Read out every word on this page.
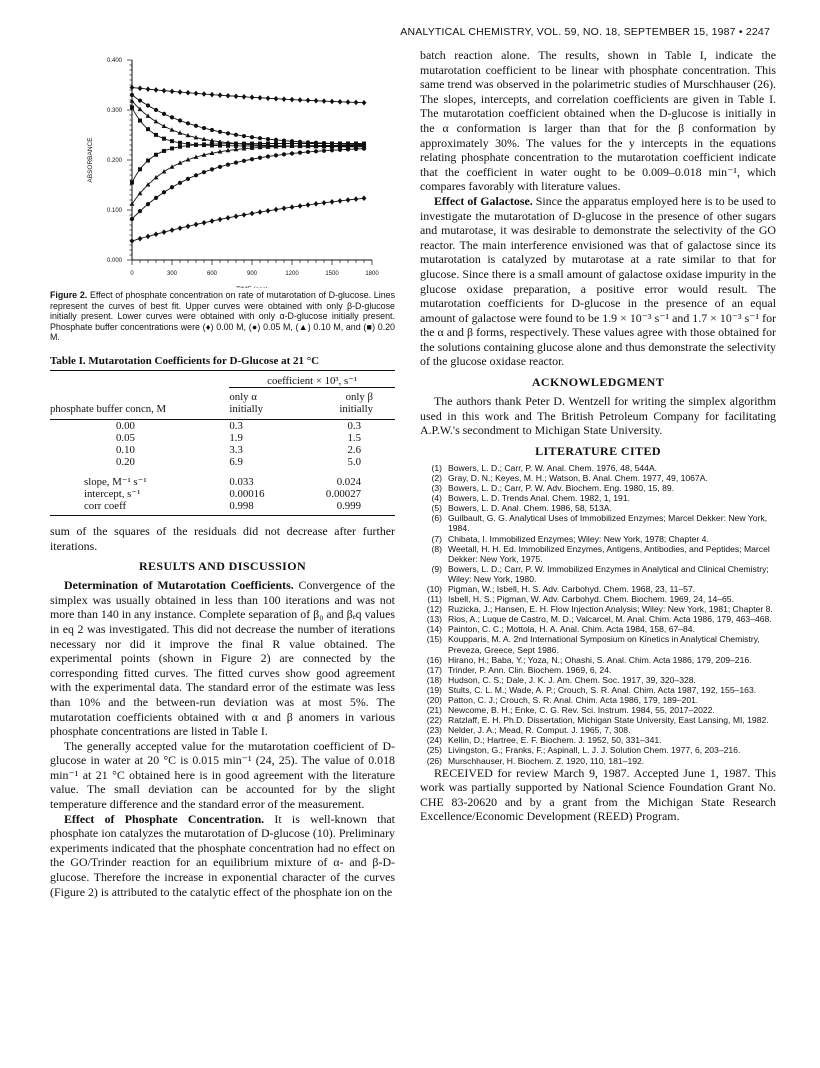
ANALYTICAL CHEMISTRY, VOL. 59, NO. 18, SEPTEMBER 15, 1987 • 2247
0	300	600	900	1200	1500	1800
0.000
0.100
0.200
0.300
0.400
ABSORBANCE
Figure 2. Effect of phosphate concentration on rate of mutarotation of D-glucose. Lines represent the curves of best fit. Upper curves were obtained with only β-D-glucose initially present. Lower curves were obtained with only α-D-glucose initially present. Phosphate buffer concentrations were (♦) 0.00 M, (●) 0.05 M, (▲) 0.10 M, and (■) 0.20 M.
Table I. Mutarotation Coefficients for D-Glucose at 21 °C
	coefficient × 10³, s⁻¹	
	only α	only β
phosphate buffer concn, M	initially	initially

0.00	0.3	0.3
0.05	1.9	1.5
0.10	3.3	2.6
0.20	6.9	5.0

slope, M⁻¹ s⁻¹	0.033	0.024
intercept, s⁻¹	0.00016	0.00027
corr coeff	0.998	0.999

sum of the squares of the residuals did not decrease after further iterations.

RESULTS AND DISCUSSION

Determination of Mutarotation Coefficients. Convergence of the simplex was usually obtained in less than 100 iterations and was not more than 140 in any instance. Complete separation of β₀ and βₑq values in eq 2 was investigated. This did not decrease the number of iterations necessary nor did it improve the final R value obtained. The experimental points (shown in Figure 2) are connected by the corresponding fitted curves. The fitted curves show good agreement with the experimental data. The standard error of the estimate was less than 10% and the between-run deviation was at most 5%. The mutarotation coefficients obtained with α and β anomers in various phosphate concentrations are listed in Table I.

The generally accepted value for the mutarotation coefficient of D-glucose in water at 20 °C is 0.015 min⁻¹ (24, 25). The value of 0.018 min⁻¹ at 21 °C obtained here is in good agreement with the literature value. The small deviation can be accounted for by the slight temperature difference and the standard error of the measurement.

Effect of Phosphate Concentration. It is well-known that phosphate ion catalyzes the mutarotation of D-glucose (10). Preliminary experiments indicated that the phosphate concentration had no effect on the GO/Trinder reaction for an equilibrium mixture of α- and β-D-glucose. Therefore the increase in exponential character of the curves (Figure 2) is attributed to the catalytic effect of the phosphate ion on the

batch reaction alone. The results, shown in Table I, indicate the mutarotation coefficient to be linear with phosphate concentration. This same trend was observed in the polarimetric studies of Murschhauser (26). The slopes, intercepts, and correlation coefficients are given in Table I. The mutarotation coefficient obtained when the D-glucose is initially in the α conformation is larger than that for the β conformation by approximately 30%. The values for the y intercepts in the equations relating phosphate concentration to the mutarotation coefficient indicate that the coefficient in water ought to be 0.009–0.018 min⁻¹, which compares favorably with literature values.

Effect of Galactose. Since the apparatus employed here is to be used to investigate the mutarotation of D-glucose in the presence of other sugars and mutarotase, it was desirable to demonstrate the selectivity of the GO reactor. The main interference envisioned was that of galactose since its mutarotation is catalyzed by mutarotase at a rate similar to that for glucose. Since there is a small amount of galactose oxidase impurity in the glucose oxidase preparation, a positive error would result. The mutarotation coefficients for D-glucose in the presence of an equal amount of galactose were found to be 1.9 × 10⁻³ s⁻¹ and 1.7 × 10⁻³ s⁻¹ for the α and β forms, respectively. These values agree with those obtained for the solutions containing glucose alone and thus demonstrate the selectivity of the glucose oxidase reactor.

ACKNOWLEDGMENT

The authors thank Peter D. Wentzell for writing the simplex algorithm used in this work and The British Petroleum Company for facilitating A.P.W.'s secondment to Michigan State University.

LITERATURE CITED
(1) Bowers, L. D.; Carr, P. W. Anal. Chem. 1976, 48, 544A.
(2) Gray, D. N.; Keyes, M. H.; Watson, B. Anal. Chem. 1977, 49, 1067A.
(3) Bowers, L. D.; Carr, P. W. Adv. Biochem. Eng. 1980, 15, 89.
(4) Bowers, L. D. Trends Anal. Chem. 1982, 1, 191.
(5) Bowers, L. D. Anal. Chem. 1986, 58, 513A.
(6) Guilbault, G. G. Analytical Uses of Immobilized Enzymes; Marcel Dekker: New York, 1984.
(7) Chibata, I. Immobilized Enzymes; Wiley: New York, 1978; Chapter 4.
(8) Weetall, H. H. Ed. Immobilized Enzymes, Antigens, Antibodies, and Peptides; Marcel Dekker: New York, 1975.
(9) Bowers, L. D.; Carr, P. W. Immobilized Enzymes in Analytical and Clinical Chemistry; Wiley: New York, 1980.
(10) Pigman, W.; Isbell, H. S. Adv. Carbohyd. Chem. 1968, 23, 11–57.
(11) Isbell, H. S.; Pigman, W. Adv. Carbohyd. Chem. Biochem. 1969, 24, 14–65.
(12) Ruzicka, J.; Hansen, E. H. Flow Injection Analysis; Wiley: New York, 1981; Chapter 8.
(13) Rios, A.; Luque de Castro, M. D.; Valcarcel, M. Anal. Chim. Acta 1986, 179, 463–468.
(14) Painton, C. C.; Mottola, H. A. Anal. Chim. Acta 1984, 158, 67–84.
(15) Koupparis, M. A. 2nd International Symposium on Kinetics in Analytical Chemistry, Preveza, Greece, Sept 1986.
(16) Hirano, H.; Baba, Y.; Yoza, N.; Ohashi, S. Anal. Chim. Acta 1986, 179, 209–216.
(17) Trinder, P. Ann. Clin. Biochem. 1969, 6, 24.
(18) Hudson, C. S.; Dale, J. K. J. Am. Chem. Soc. 1917, 39, 320–328.
(19) Stults, C. L. M.; Wade, A. P.; Crouch, S. R. Anal. Chim. Acta 1987, 192, 155–163.
(20) Patton, C. J.; Crouch, S. R. Anal. Chim. Acta 1986, 179, 189–201.
(21) Newcome, B. H.; Enke, C. G. Rev. Sci. Instrum. 1984, 55, 2017–2022.
(22) Ratzlaff, E. H. Ph.D. Dissertation, Michigan State University, East Lansing, MI, 1982.
(23) Nelder, J. A.; Mead, R. Comput. J. 1965, 7, 308.
(24) Kellin, D.; Hartree, E. F. Biochem. J. 1952, 50, 331–341.
(25) Livingston, G.; Franks, F.; Aspinall, L. J. J. Solution Chem. 1977, 6, 203–216.
(26) Murschhauser, H. Biochem. Z. 1920, 110, 181–192.

RECEIVED for review March 9, 1987. Accepted June 1, 1987. This work was partially supported by National Science Foundation Grant No. CHE 83-20620 and by a grant from the Michigan State Research Excellence/Economic Development (REED) Program.
